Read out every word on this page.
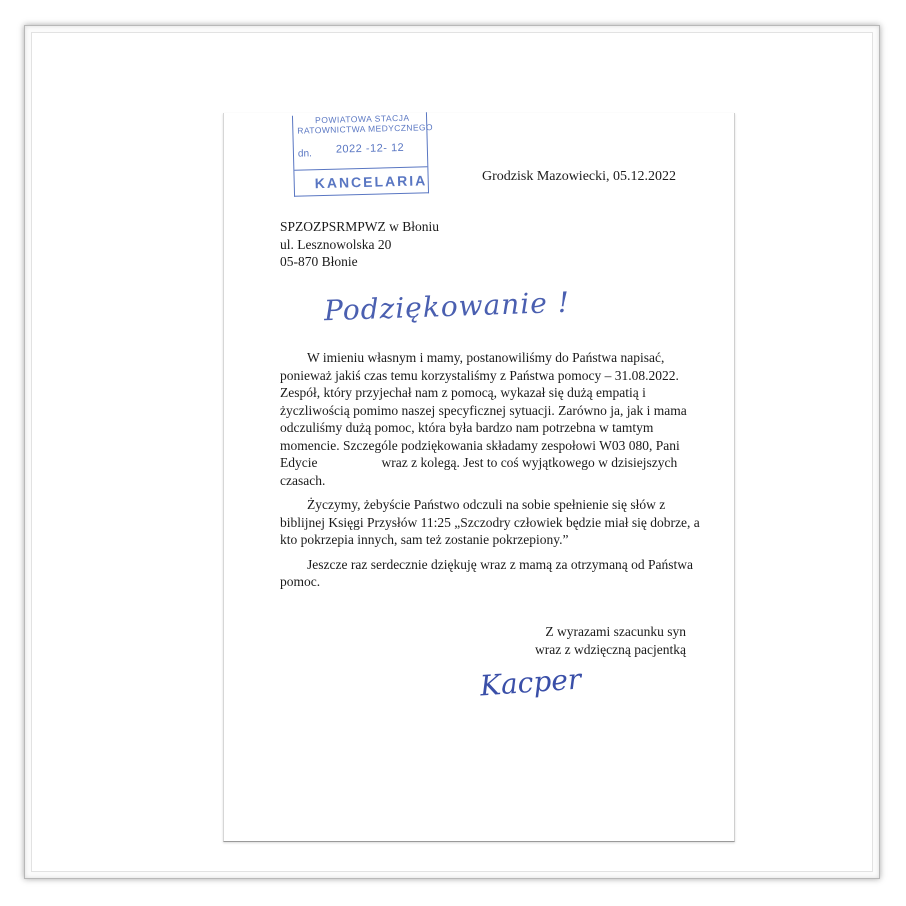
POWIATOWA STACJA
RATOWNICTWA MEDYCZNEGO
dn. 2022 -12- 12
KANCELARIA	Grodzisk Mazowiecki, 05.12.2022
SPZOZPSRMPWZ w Błoniu
ul. Lesznowolska 20
05-870 Błonie
Podziękowanie !

W imieniu własnym i mamy, postanowiliśmy do Państwa napisać, ponieważ jakiś czas temu korzystaliśmy z Państwa pomocy – 31.08.2022. Zespół, który przyjechał nam z pomocą, wykazał się dużą empatią i życzliwością pomimo naszej specyficznej sytuacji. Zarówno ja, jak i mama odczuliśmy dużą pomoc, która była bardzo nam potrzebna w tamtym momencie. Szczególe podziękowania składamy zespołowi W03 080, Pani Edycie	wraz z kolegą. Jest to coś wyjątkowego w dzisiejszych czasach.

Życzymy, żebyście Państwo odczuli na sobie spełnienie się słów z biblijnej Księgi Przysłów 11:25 „Szczodry człowiek będzie miał się dobrze, a kto pokrzepia innych, sam też zostanie pokrzepiony.”

Jeszcze raz serdecznie dziękuję wraz z mamą za otrzymaną od Państwa pomoc.

Z wyrazami szacunku syn
wraz z wdzięczną pacjentką
Kacper
